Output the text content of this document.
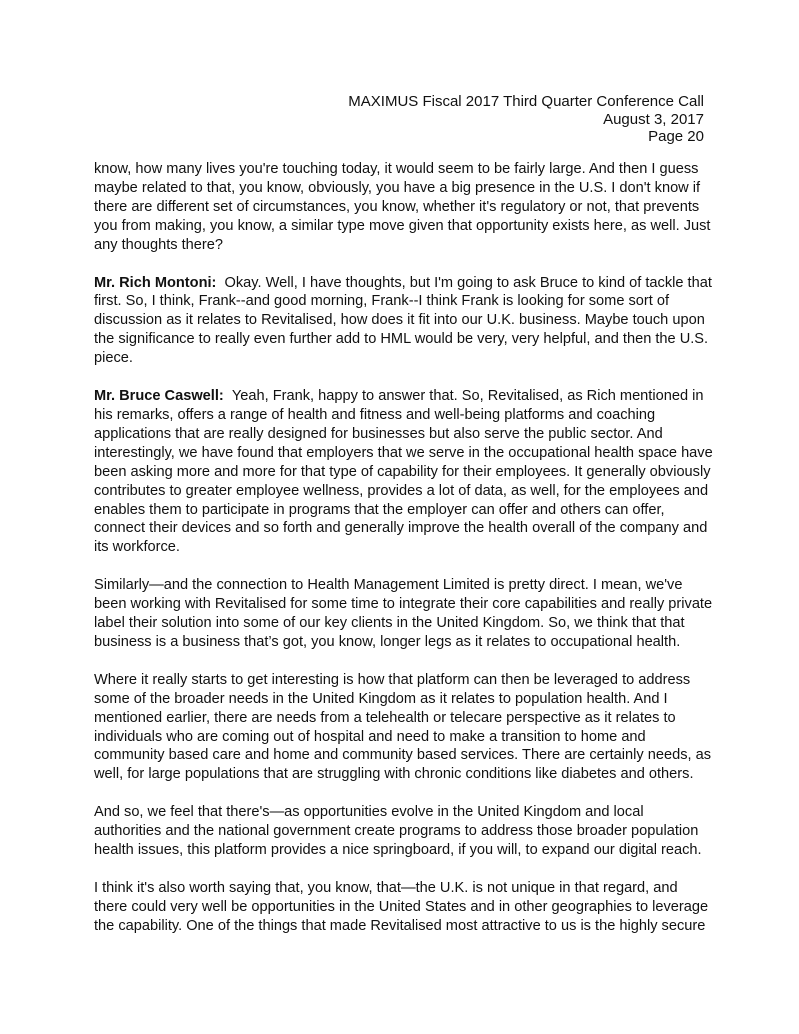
MAXIMUS Fiscal 2017 Third Quarter Conference Call
August 3, 2017
Page 20
know, how many lives you're touching today, it would seem to be fairly large. And then I guess
maybe related to that, you know, obviously, you have a big presence in the U.S. I don't know if
there are different set of circumstances, you know, whether it's regulatory or not, that prevents
you from making, you know, a similar type move given that opportunity exists here, as well. Just
any thoughts there?
Mr. Rich Montoni: Okay. Well, I have thoughts, but I'm going to ask Bruce to kind of tackle that
first. So, I think, Frank--and good morning, Frank--I think Frank is looking for some sort of
discussion as it relates to Revitalised, how does it fit into our U.K. business. Maybe touch upon
the significance to really even further add to HML would be very, very helpful, and then the U.S.
piece.
Mr. Bruce Caswell: Yeah, Frank, happy to answer that. So, Revitalised, as Rich mentioned in
his remarks, offers a range of health and fitness and well-being platforms and coaching
applications that are really designed for businesses but also serve the public sector. And
interestingly, we have found that employers that we serve in the occupational health space have
been asking more and more for that type of capability for their employees. It generally obviously
contributes to greater employee wellness, provides a lot of data, as well, for the employees and
enables them to participate in programs that the employer can offer and others can offer,
connect their devices and so forth and generally improve the health overall of the company and
its workforce.
Similarly—and the connection to Health Management Limited is pretty direct. I mean, we've
been working with Revitalised for some time to integrate their core capabilities and really private
label their solution into some of our key clients in the United Kingdom. So, we think that that
business is a business that’s got, you know, longer legs as it relates to occupational health.
Where it really starts to get interesting is how that platform can then be leveraged to address
some of the broader needs in the United Kingdom as it relates to population health. And I
mentioned earlier, there are needs from a telehealth or telecare perspective as it relates to
individuals who are coming out of hospital and need to make a transition to home and
community based care and home and community based services. There are certainly needs, as
well, for large populations that are struggling with chronic conditions like diabetes and others.
And so, we feel that there's—as opportunities evolve in the United Kingdom and local
authorities and the national government create programs to address those broader population
health issues, this platform provides a nice springboard, if you will, to expand our digital reach.
I think it's also worth saying that, you know, that—the U.K. is not unique in that regard, and
there could very well be opportunities in the United States and in other geographies to leverage
the capability. One of the things that made Revitalised most attractive to us is the highly secure
